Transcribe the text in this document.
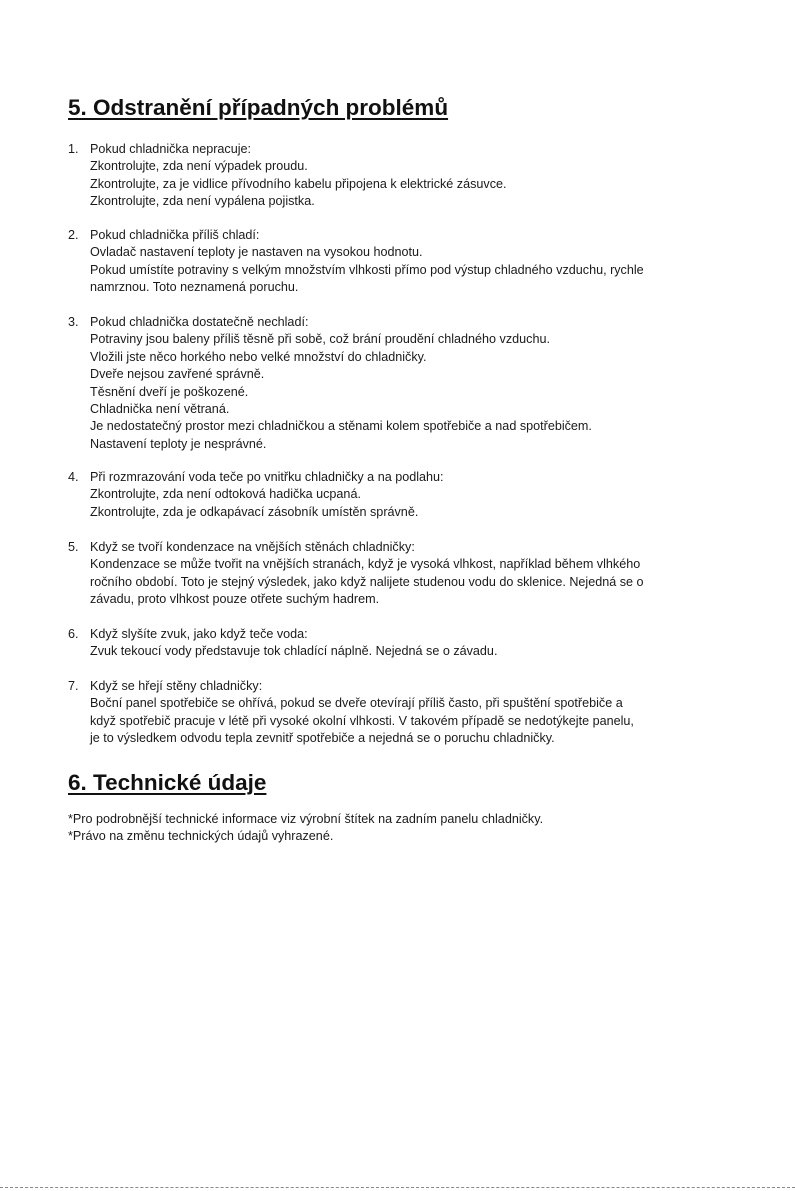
5. Odstranění případných problémů
1. Pokud chladnička nepracuje:
Zkontrolujte, zda není výpadek proudu.
Zkontrolujte, za je vidlice přívodního kabelu připojena k elektrické zásuvce.
Zkontrolujte, zda není vypálena pojistka.
2. Pokud chladnička příliš chladí:
Ovladač nastavení teploty je nastaven na vysokou hodnotu.
Pokud umístíte potraviny s velkým množstvím vlhkosti přímo pod výstup chladného vzduchu, rychle
namrznou. Toto neznamená poruchu.
3. Pokud chladnička dostatečně nechladí:
Potraviny jsou baleny příliš těsně při sobě, což brání proudění chladného vzduchu.
Vložili jste něco horkého nebo velké množství do chladničky.
Dveře nejsou zavřené správně.
Těsnění dveří je poškozené.
Chladnička není větraná.
Je nedostatečný prostor mezi chladničkou a stěnami kolem spotřebiče a nad spotřebičem.
Nastavení teploty je nesprávné.
4. Při rozmrazování voda teče po vnitřku chladničky a na podlahu:
Zkontrolujte, zda není odtoková hadička ucpaná.
Zkontrolujte, zda je odkapávací zásobník umístěn správně.
5. Když se tvoří kondenzace na vnějších stěnách chladničky:
Kondenzace se může tvořit na vnějších stranách, když je vysoká vlhkost, například během vlhkého
ročního období. Toto je stejný výsledek, jako když nalijete studenou vodu do sklenice. Nejedná se o
závadu, proto vlhkost pouze otřete suchým hadrem.
6. Když slyšíte zvuk, jako když teče voda:
Zvuk tekoucí vody představuje tok chladící náplně. Nejedná se o závadu.
7. Když se hřejí stěny chladničky:
Boční panel spotřebiče se ohřívá, pokud se dveře otevírají příliš často, při spuštění spotřebiče a
když spotřebič pracuje v létě při vysoké okolní vlhkosti. V takovém případě se nedotýkejte panelu,
je to výsledkem odvodu tepla zevnitř spotřebiče a nejedná se o poruchu chladničky.
6. Technické údaje
*Pro podrobnější technické informace viz výrobní štítek na zadním panelu chladničky.
*Právo na změnu technických údajů vyhrazené.
